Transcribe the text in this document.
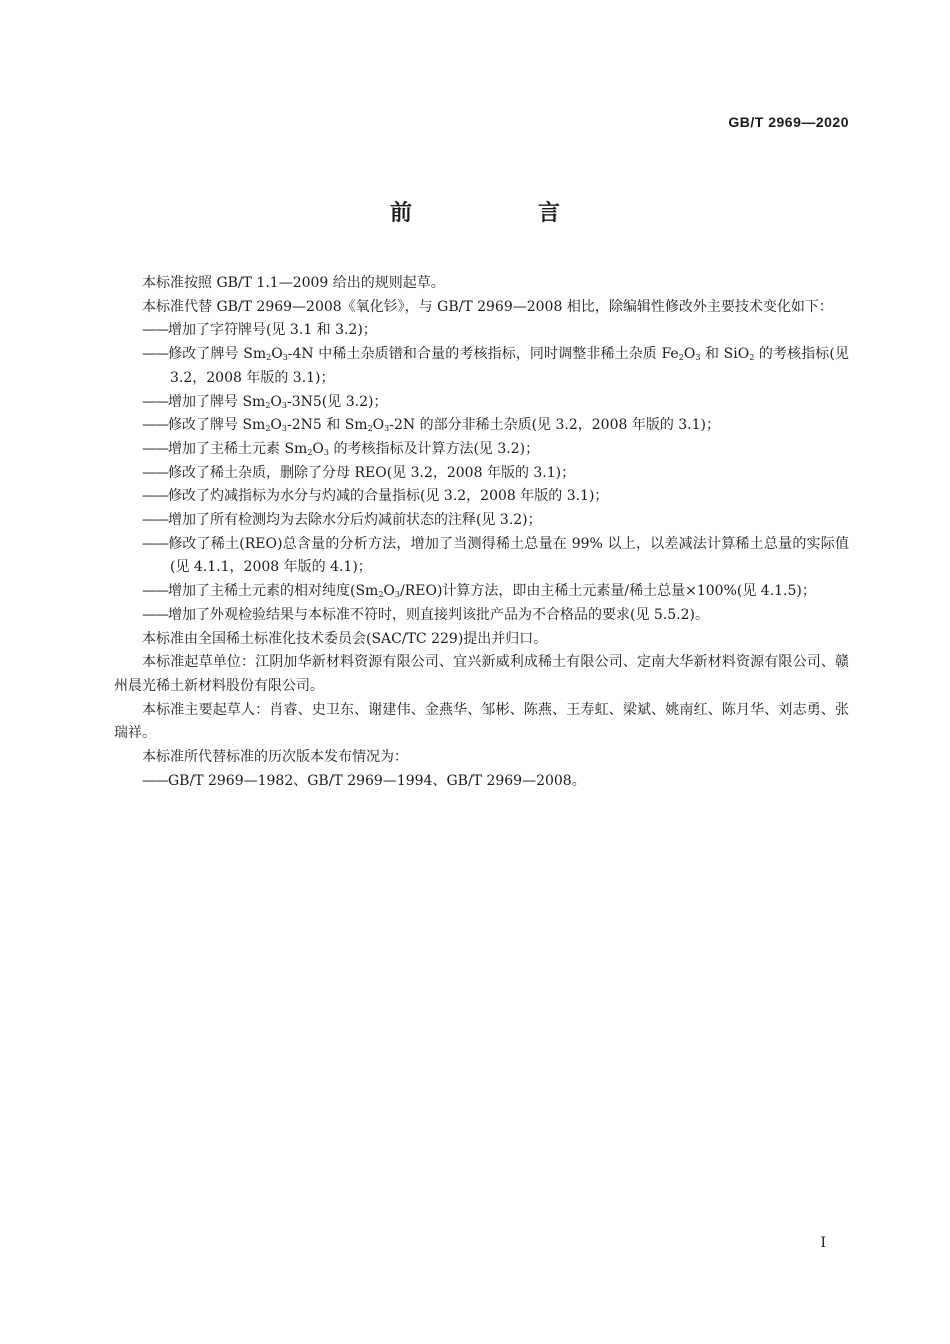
GB/T 2969—2020
前　言

本标准按照 GB/T 1.1—2009 给出的规则起草。

本标准代替 GB/T 2969—2008《氧化钐》，与 GB/T 2969—2008 相比，除编辑性修改外主要技术变化如下：

——增加了字符牌号(见 3.1 和 3.2)；

——修改了牌号 $Sm_2O_3-4N$ 中稀土杂质镨和合量的考核指标，同时调整非稀土杂质 $Fe_2O_3$ 和 SiO$_2$ 的考核指标(见 3.2，2008 年版的 3.1)；

——增加了牌号 $Sm_2O_3-3N5$(见 3.2)；

——修改了牌号 $Sm_2O_3-2N5$ 和 $Sm_2O_3-2N$ 的部分非稀土杂质(见 3.2，2008 年版的 3.1)；

——增加了主稀土元素 $Sm_2O_3$ 的考核指标及计算方法(见 3.2)；

——修改了稀土杂质，删除了分母 REO(见 3.2，2008 年版的 3.1)；

——修改了灼减指标为水分与灼减的合量指标(见 3.2，2008 年版的 3.1)；

——增加了所有检测均为去除水分后灼减前状态的注释(见 3.2)；

——修改了稀土(REO)总含量的分析方法，增加了当测得稀土总量在 99% 以上，以差减法计算稀土总量的实际值(见 4.1.1，2008 年版的 4.1)；

——增加了主稀土元素的相对纯度$(Sm_2O_3/REO)$计算方法，即由主稀土元素量/稀土总量×100%(见 4.1.5)；

——增加了外观检验结果与本标准不符时，则直接判该批产品为不合格品的要求(见 5.5.2)。

本标准由全国稀土标准化技术委员会(SAC/TC 229)提出并归口。

本标准起草单位：江阴加华新材料资源有限公司、宜兴新威利成稀土有限公司、定南大华新材料资源有限公司、赣州晨光稀土新材料股份有限公司。

本标准主要起草人：肖睿、史卫东、谢建伟、金燕华、邹彬、陈燕、王寿虹、梁斌、姚南红、陈月华、刘志勇、张瑞祥。

本标准所代替标准的历次版本发布情况为：

——GB/T 2969—1982、GB/T 2969—1994、GB/T 2969—2008。

I
